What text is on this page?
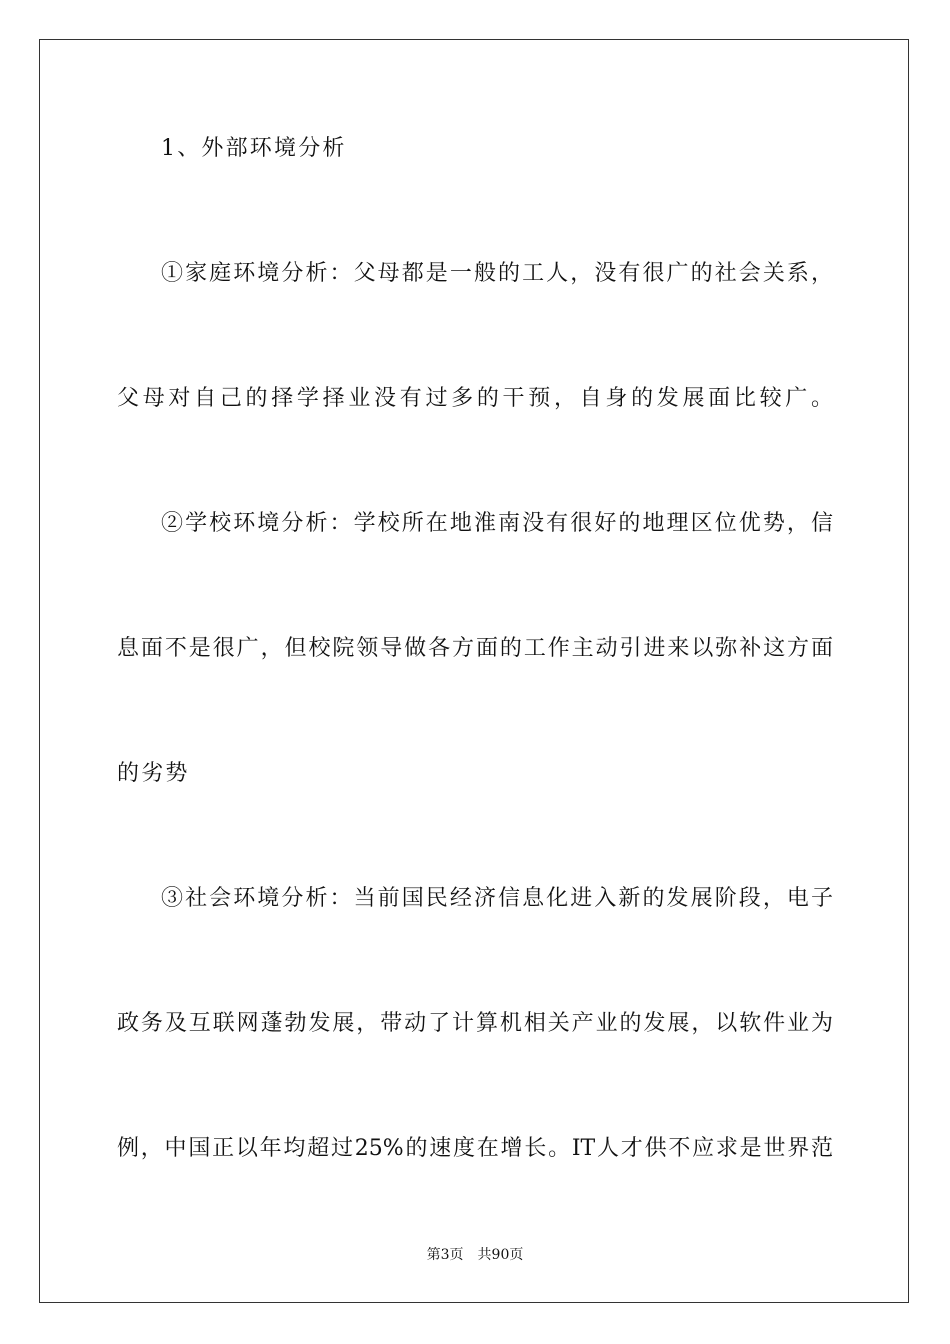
1、外部环境分析
①家庭环境分析：父母都是一般的工人，没有很广的社会关系，
父母对自己的择学择业没有过多的干预，自身的发展面比较广。
②学校环境分析：学校所在地淮南没有很好的地理区位优势，信
息面不是很广，但校院领导做各方面的工作主动引进来以弥补这方面
的劣势
③社会环境分析：当前国民经济信息化进入新的发展阶段，电子
政务及互联网蓬勃发展，带动了计算机相关产业的发展，以软件业为
例，中国正以年均超过25%的速度在增长。IT人才供不应求是世界范
第3页 共90页
